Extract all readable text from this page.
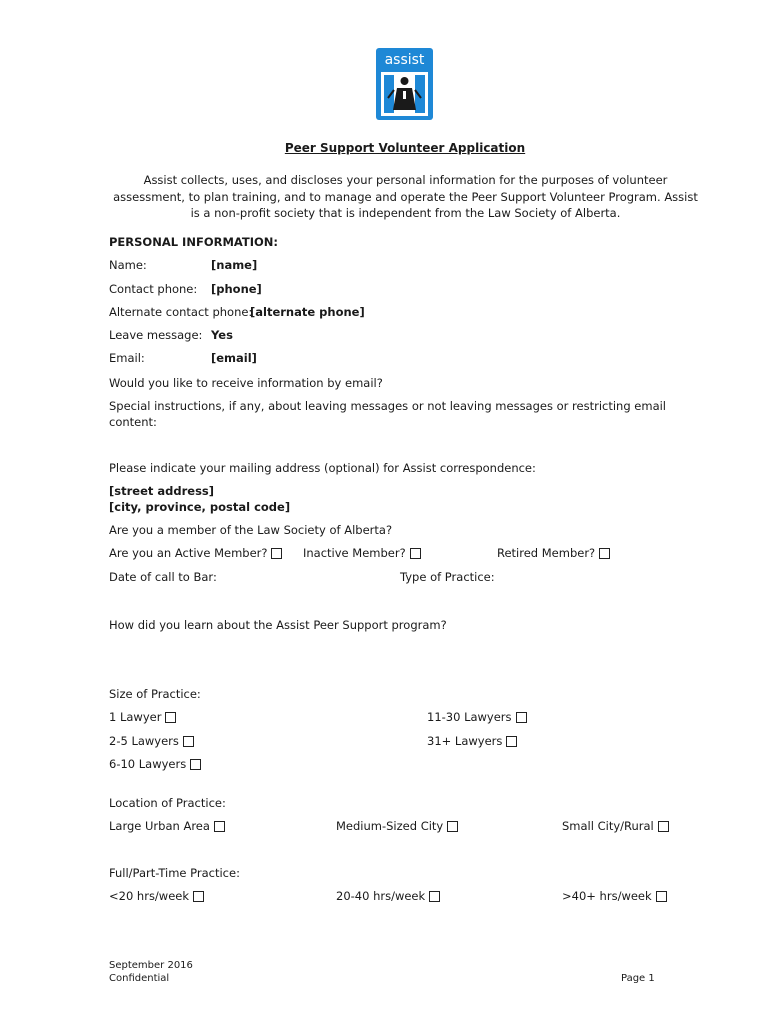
assist
Peer Support Volunteer Application
Assist collects, uses, and discloses your personal information for the purposes of volunteer assessment, to plan training, and to manage and operate the Peer Support Volunteer Program. Assist is a non-profit society that is independent from the Law Society of Alberta.
PERSONAL INFORMATION:
Name:	[name]
Contact phone: [phone]
Alternate contact phone:
[alternate phone]
Leave message: Yes
Email:	[email]
Would you like to receive information by email?
Special instructions, if any, about leaving messages or not leaving messages or restricting email content:
Please indicate your mailing address (optional) for Assist correspondence:
[street address]
[city, province, postal code]
Are you a member of the Law Society of Alberta?
Are you an Active Member?	Inactive Member?	Retired Member?
Date of call to Bar:	Type of Practice:
How did you learn about the Assist Peer Support program?
Size of Practice:
1 Lawyer	11-30 Lawyers
2-5 Lawyers	31+ Lawyers
6-10 Lawyers
Location of Practice:
Large Urban Area	Medium-Sized City	Small City/Rural
Full/Part-Time Practice:
<20 hrs/week	20-40 hrs/week	>40+ hrs/week
September 2016
Confidential	Page 1
